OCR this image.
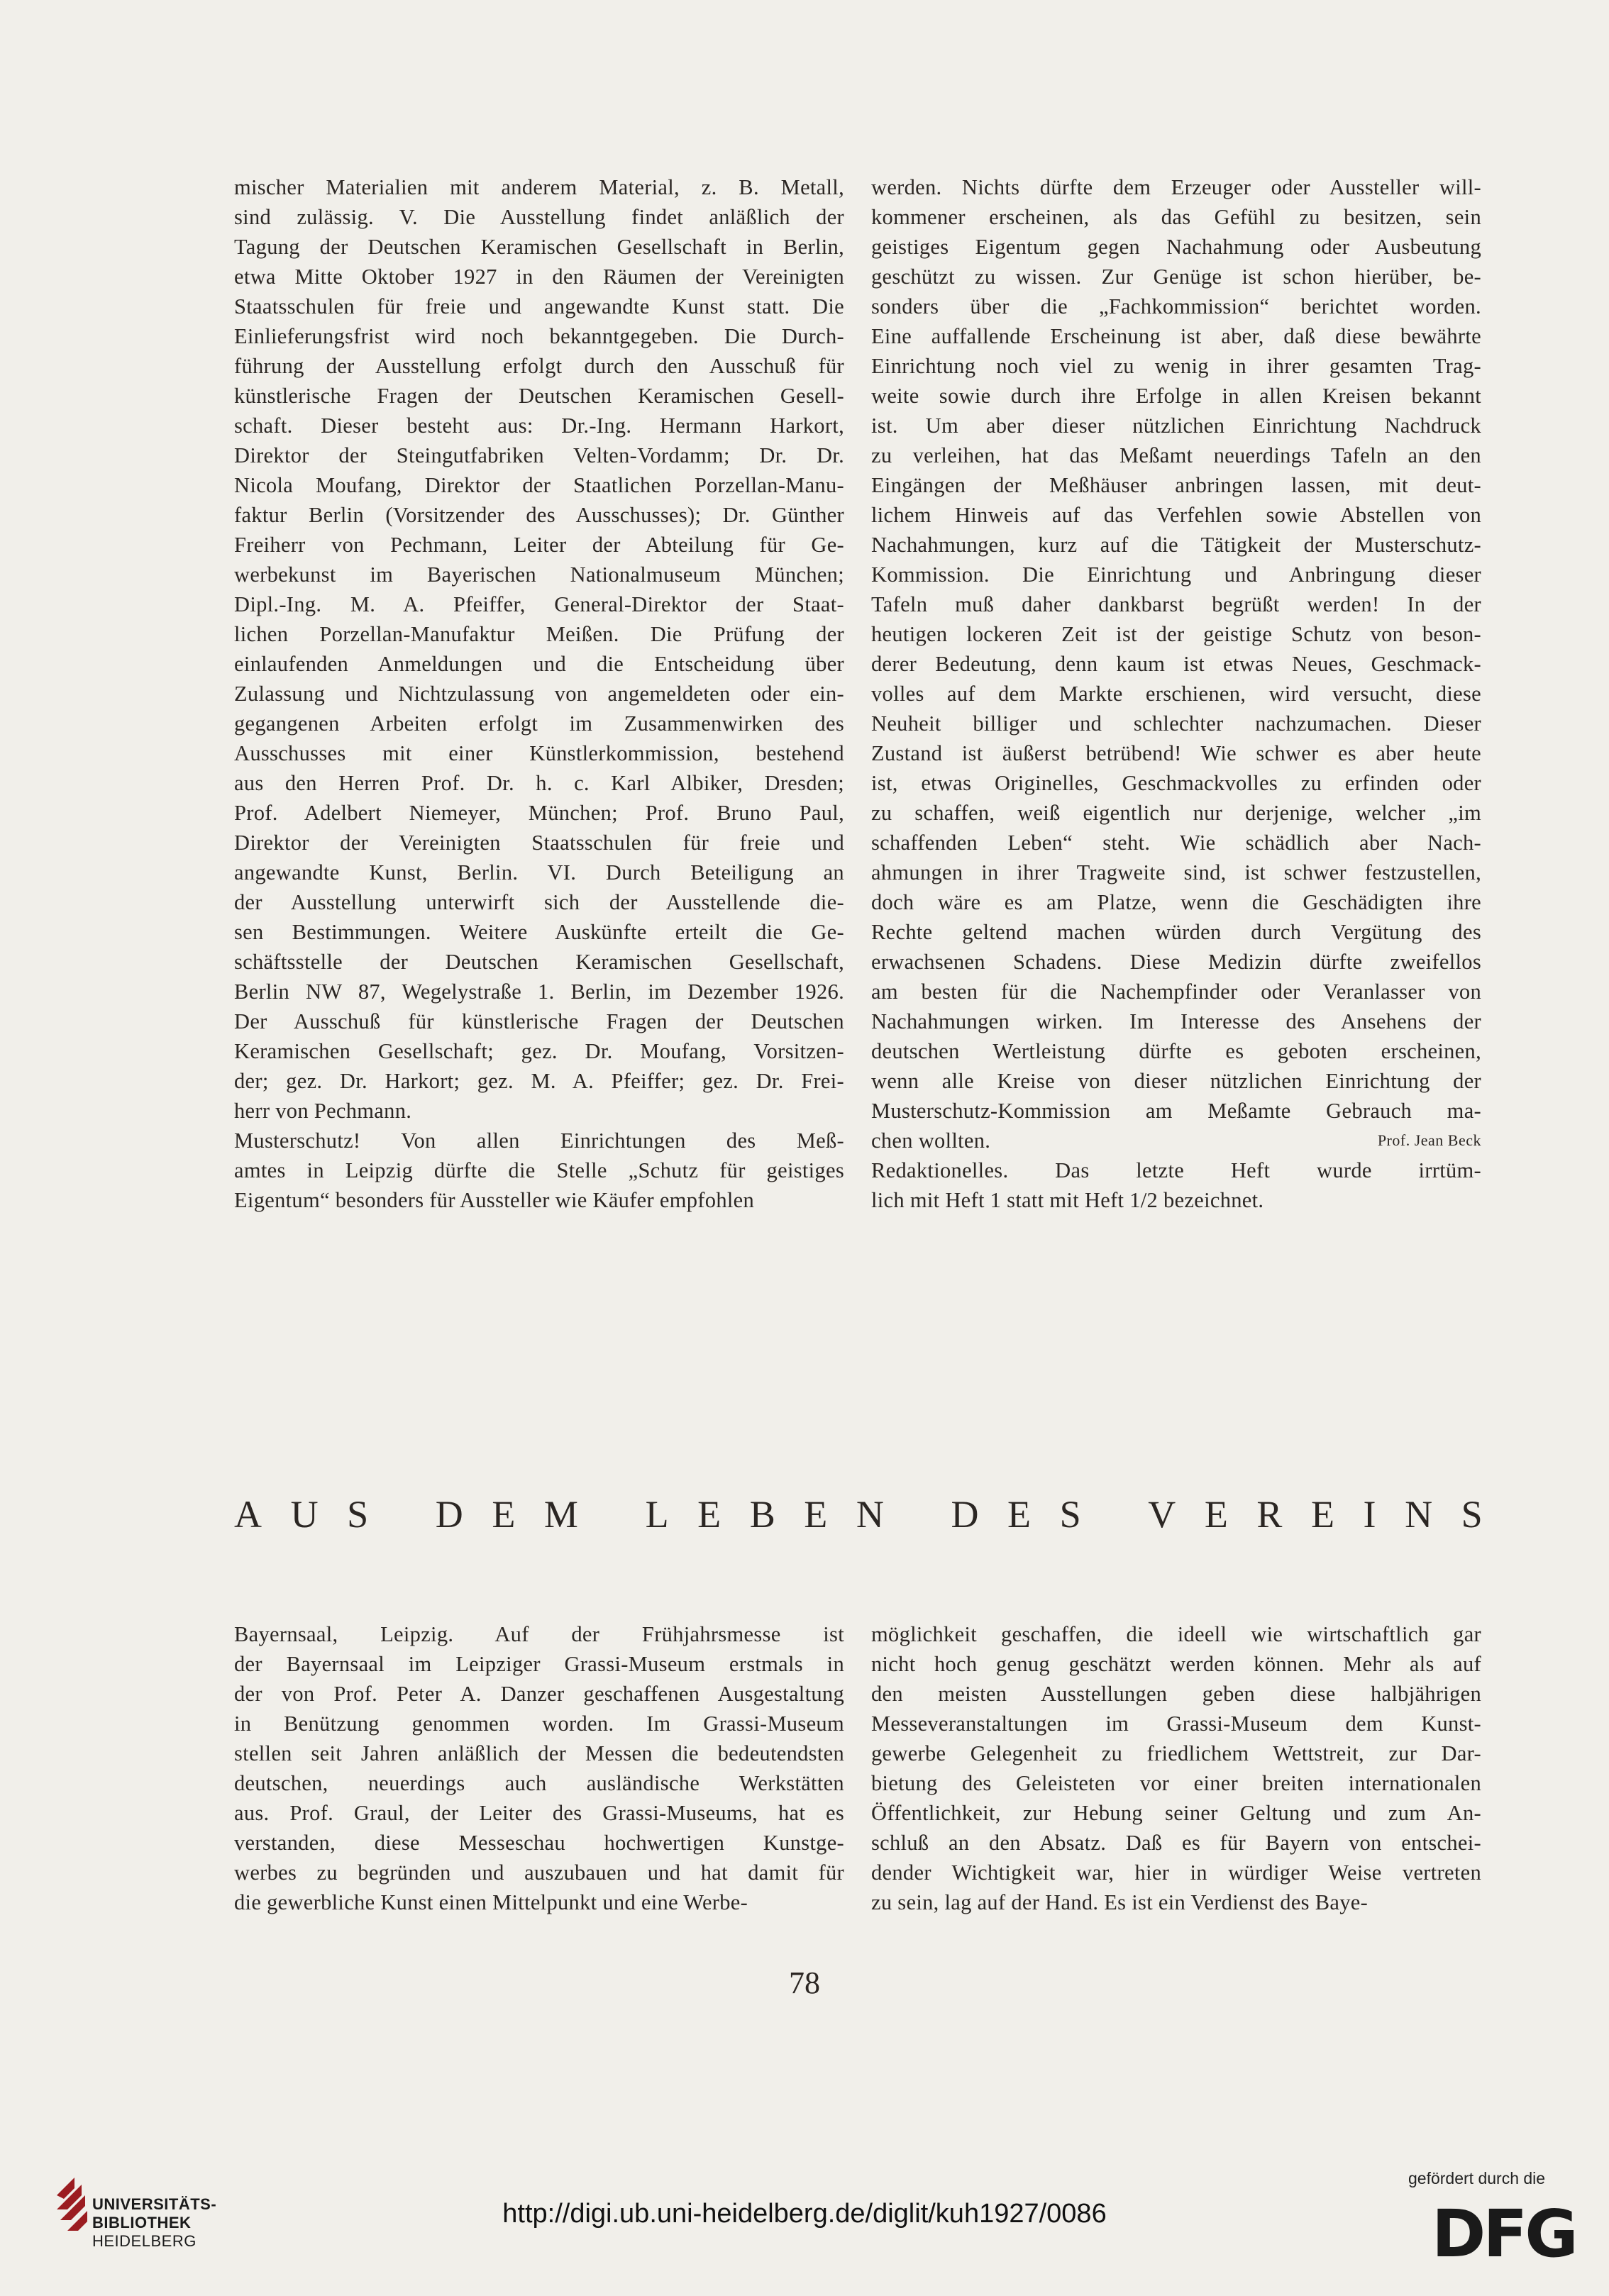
mischer Materialien mit anderem Material, z. B. Metall,
sind zulässig. V. Die Ausstellung findet anläßlich der
Tagung der Deutschen Keramischen Gesellschaft in Berlin,
etwa Mitte Oktober 1927 in den Räumen der Vereinigten
Staatsschulen für freie und angewandte Kunst statt. Die
Einlieferungsfrist wird noch bekanntgegeben. Die Durch-
führung der Ausstellung erfolgt durch den Ausschuß für
künstlerische Fragen der Deutschen Keramischen Gesell-
schaft. Dieser besteht aus: Dr.-Ing. Hermann Harkort,
Direktor der Steingutfabriken Velten-Vordamm; Dr. Dr.
Nicola Moufang, Direktor der Staatlichen Porzellan-Manu-
faktur Berlin (Vorsitzender des Ausschusses); Dr. Günther
Freiherr von Pechmann, Leiter der Abteilung für Ge-
werbekunst im Bayerischen Nationalmuseum München;
Dipl.-Ing. M. A. Pfeiffer, General-Direktor der Staat-
lichen Porzellan-Manufaktur Meißen. Die Prüfung der
einlaufenden Anmeldungen und die Entscheidung über
Zulassung und Nichtzulassung von angemeldeten oder ein-
gegangenen Arbeiten erfolgt im Zusammenwirken des
Ausschusses mit einer Künstlerkommission, bestehend
aus den Herren Prof. Dr. h. c. Karl Albiker, Dresden;
Prof. Adelbert Niemeyer, München; Prof. Bruno Paul,
Direktor der Vereinigten Staatsschulen für freie und
angewandte Kunst, Berlin. VI. Durch Beteiligung an
der Ausstellung unterwirft sich der Ausstellende die-
sen Bestimmungen. Weitere Auskünfte erteilt die Ge-
schäftsstelle der Deutschen Keramischen Gesellschaft,
Berlin NW 87, Wegelystraße 1. Berlin, im Dezember 1926.
Der Ausschuß für künstlerische Fragen der Deutschen
Keramischen Gesellschaft; gez. Dr. Moufang, Vorsitzen-
der; gez. Dr. Harkort; gez. M. A. Pfeiffer; gez. Dr. Frei-
herr von Pechmann.
Musterschutz! Von allen Einrichtungen des Meß-
amtes in Leipzig dürfte die Stelle „Schutz für geistiges
Eigentum“ besonders für Aussteller wie Käufer empfohlen
werden. Nichts dürfte dem Erzeuger oder Aussteller will-
kommener erscheinen, als das Gefühl zu besitzen, sein
geistiges Eigentum gegen Nachahmung oder Ausbeutung
geschützt zu wissen. Zur Genüge ist schon hierüber, be-
sonders über die „Fachkommission“ berichtet worden.
Eine auffallende Erscheinung ist aber, daß diese bewährte
Einrichtung noch viel zu wenig in ihrer gesamten Trag-
weite sowie durch ihre Erfolge in allen Kreisen bekannt
ist. Um aber dieser nützlichen Einrichtung Nachdruck
zu verleihen, hat das Meßamt neuerdings Tafeln an den
Eingängen der Meßhäuser anbringen lassen, mit deut-
lichem Hinweis auf das Verfehlen sowie Abstellen von
Nachahmungen, kurz auf die Tätigkeit der Musterschutz-
Kommission. Die Einrichtung und Anbringung dieser
Tafeln muß daher dankbarst begrüßt werden! In der
heutigen lockeren Zeit ist der geistige Schutz von beson-
derer Bedeutung, denn kaum ist etwas Neues, Geschmack-
volles auf dem Markte erschienen, wird versucht, diese
Neuheit billiger und schlechter nachzumachen. Dieser
Zustand ist äußerst betrübend! Wie schwer es aber heute
ist, etwas Originelles, Geschmackvolles zu erfinden oder
zu schaffen, weiß eigentlich nur derjenige, welcher „im
schaffenden Leben“ steht. Wie schädlich aber Nach-
ahmungen in ihrer Tragweite sind, ist schwer festzustellen,
doch wäre es am Platze, wenn die Geschädigten ihre
Rechte geltend machen würden durch Vergütung des
erwachsenen Schadens. Diese Medizin dürfte zweifellos
am besten für die Nachempfinder oder Veranlasser von
Nachahmungen wirken. Im Interesse des Ansehens der
deutschen Wertleistung dürfte es geboten erscheinen,
wenn alle Kreise von dieser nützlichen Einrichtung der
Musterschutz-Kommission am Meßamte Gebrauch ma-
chen wollten.	Prof. Jean Beck
Redaktionelles. Das letzte Heft wurde irrtüm-
lich mit Heft 1 statt mit Heft 1/2 bezeichnet.
A U S
D E M
L E B E N
D E S
V E R E I N S
Bayernsaal, Leipzig. Auf der Frühjahrsmesse ist
der Bayernsaal im Leipziger Grassi-Museum erstmals in
der von Prof. Peter A. Danzer geschaffenen Ausgestaltung
in Benützung genommen worden. Im Grassi-Museum
stellen seit Jahren anläßlich der Messen die bedeutendsten
deutschen, neuerdings auch ausländische Werkstätten
aus. Prof. Graul, der Leiter des Grassi-Museums, hat es
verstanden, diese Messeschau hochwertigen Kunstge-
werbes zu begründen und auszubauen und hat damit für
die gewerbliche Kunst einen Mittelpunkt und eine Werbe-
möglichkeit geschaffen, die ideell wie wirtschaftlich gar
nicht hoch genug geschätzt werden können. Mehr als auf
den meisten Ausstellungen geben diese halbjährigen
Messeveranstaltungen im Grassi-Museum dem Kunst-
gewerbe Gelegenheit zu friedlichem Wettstreit, zur Dar-
bietung des Geleisteten vor einer breiten internationalen
Öffentlichkeit, zur Hebung seiner Geltung und zum An-
schluß an den Absatz. Daß es für Bayern von entschei-
dender Wichtigkeit war, hier in würdiger Weise vertreten
zu sein, lag auf der Hand. Es ist ein Verdienst des Baye-
78
UNIVERSITÄTS-
BIBLIOTHEK
HEIDELBERG
http://digi.ub.uni-heidelberg.de/diglit/kuh1927/0086
gefördert durch die
DFG
